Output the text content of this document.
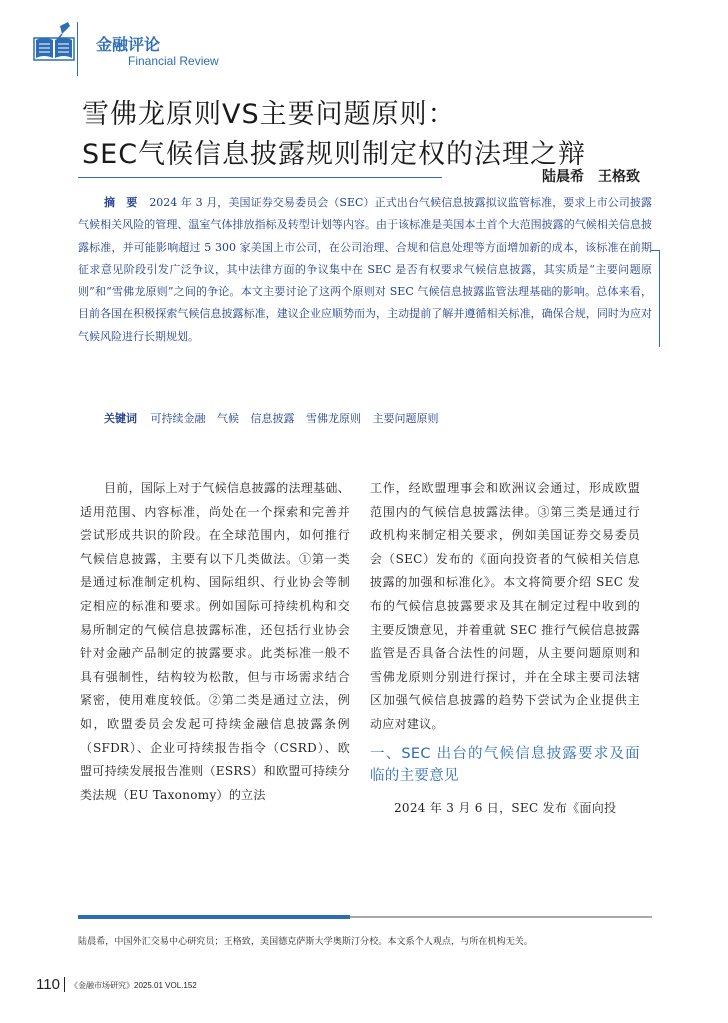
金融评论
Financial Review
雪佛龙原则VS主要问题原则：
SEC气候信息披露规则制定权的法理之辩
陆晨希　王格致
摘　要 2024 年 3 月，美国证券交易委员会（SEC）正式出台气候信息披露拟议监管标准，要求上市公司披露气候相关风险的管理、温室气体排放指标及转型计划等内容。由于该标准是美国本土首个大范围披露的气候相关信息披露标准，并可能影响超过 5 300 家美国上市公司，在公司治理、合规和信息处理等方面增加新的成本，该标准在前期征求意见阶段引发广泛争议，其中法律方面的争议集中在 SEC 是否有权要求气候信息披露，其实质是“主要问题原则”和“雪佛龙原则”之间的争论。本文主要讨论了这两个原则对 SEC 气候信息披露监管法理基础的影响。总体来看，目前各国在积极探索气候信息披露标准，建议企业应顺势而为，主动提前了解并遵循相关标准，确保合规，同时为应对气候风险进行长期规划。
关键词 可持续金融 气候 信息披露 雪佛龙原则 主要问题原则

目前，国际上对于气候信息披露的法理基础、适用范围、内容标准，尚处在一个探索和完善并尝试形成共识的阶段。在全球范围内，如何推行气候信息披露，主要有以下几类做法。①第一类是通过标准制定机构、国际组织、行业协会等制定相应的标准和要求。例如国际可持续机构和交易所制定的气候信息披露标准，还包括行业协会针对金融产品制定的披露要求。此类标准一般不具有强制性，结构较为松散，但与市场需求结合紧密，使用难度较低。②第二类是通过立法，例如，欧盟委员会发起可持续金融信息披露条例（SFDR）、企业可持续报告指令（CSRD）、欧盟可持续发展报告准则（ESRS）和欧盟可持续分类法规（EU Taxonomy）的立法

工作，经欧盟理事会和欧洲议会通过，形成欧盟范围内的气候信息披露法律。③第三类是通过行政机构来制定相关要求，例如美国证券交易委员会（SEC）发布的《面向投资者的气候相关信息披露的加强和标准化》。本文将简要介绍 SEC 发布的气候信息披露要求及其在制定过程中收到的主要反馈意见，并着重就 SEC 推行气候信息披露监管是否具备合法性的问题，从主要问题原则和雪佛龙原则分别进行探讨，并在全球主要司法辖区加强气候信息披露的趋势下尝试为企业提供主动应对建议。

一、SEC 出台的气候信息披露要求及面临的主要意见

2024 年 3 月 6 日，SEC 发布《面向投

陆晨希，中国外汇交易中心研究员；王格致，美国德克萨斯大学奥斯汀分校。本文系个人观点，与所在机构无关。
110 《金融市场研究》2025.01 VOL.152
